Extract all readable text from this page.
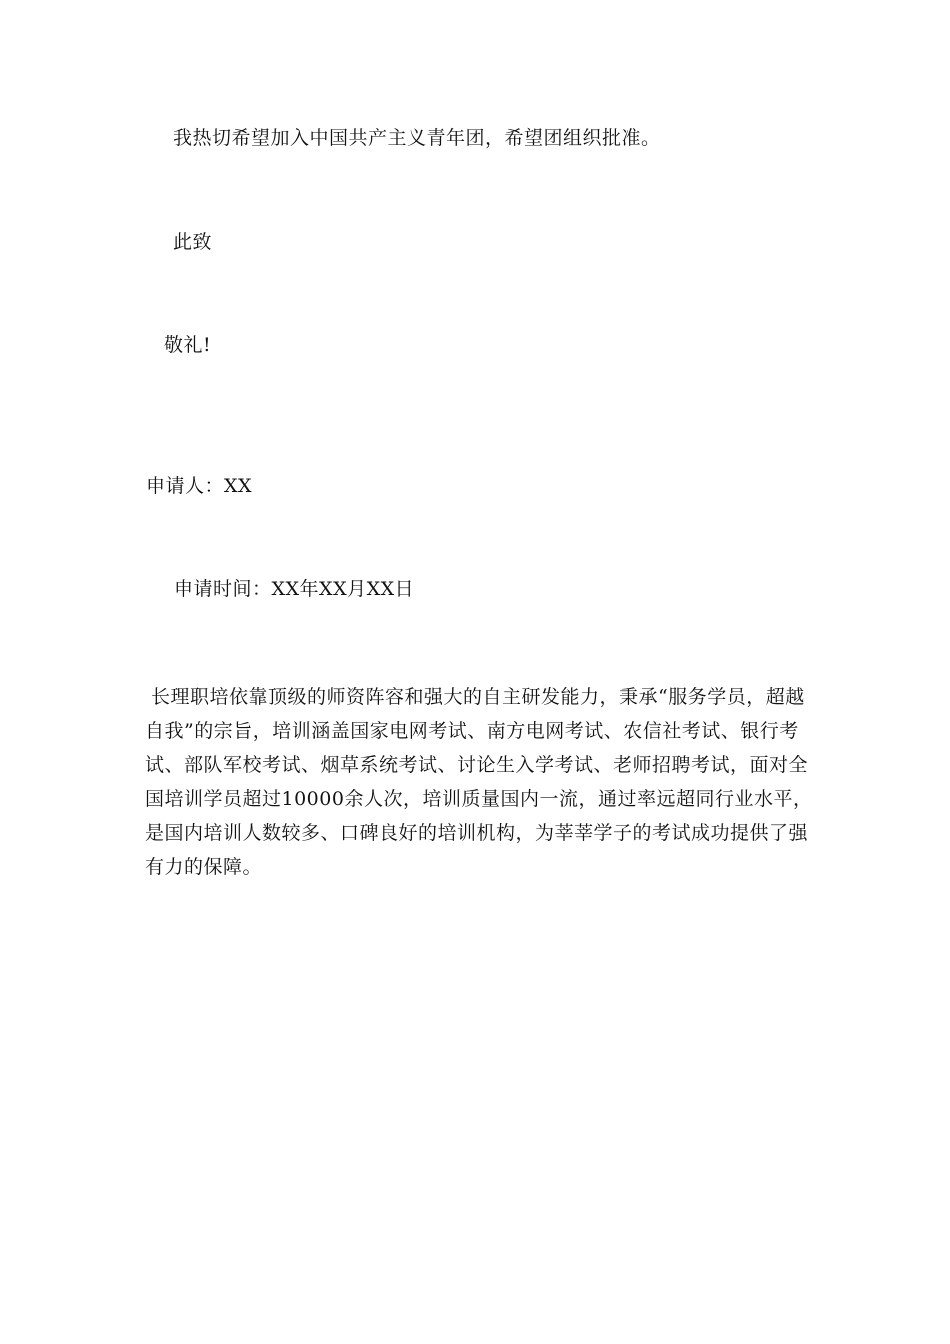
我热切希望加入中国共产主义青年团，希望团组织批准。
此致
敬礼!
申请人：XX
申请时间：XX年XX月XX日
长理职培依靠顶级的师资阵容和强大的自主研发能力，秉承“服务学员，超越
自我”的宗旨，培训涵盖国家电网考试、南方电网考试、农信社考试、银行考
试、部队军校考试、烟草系统考试、讨论生入学考试、老师招聘考试，面对全
国培训学员超过10000余人次，培训质量国内一流，通过率远超同行业水平，
是国内培训人数较多、口碑良好的培训机构，为莘莘学子的考试成功提供了强
有力的保障。
